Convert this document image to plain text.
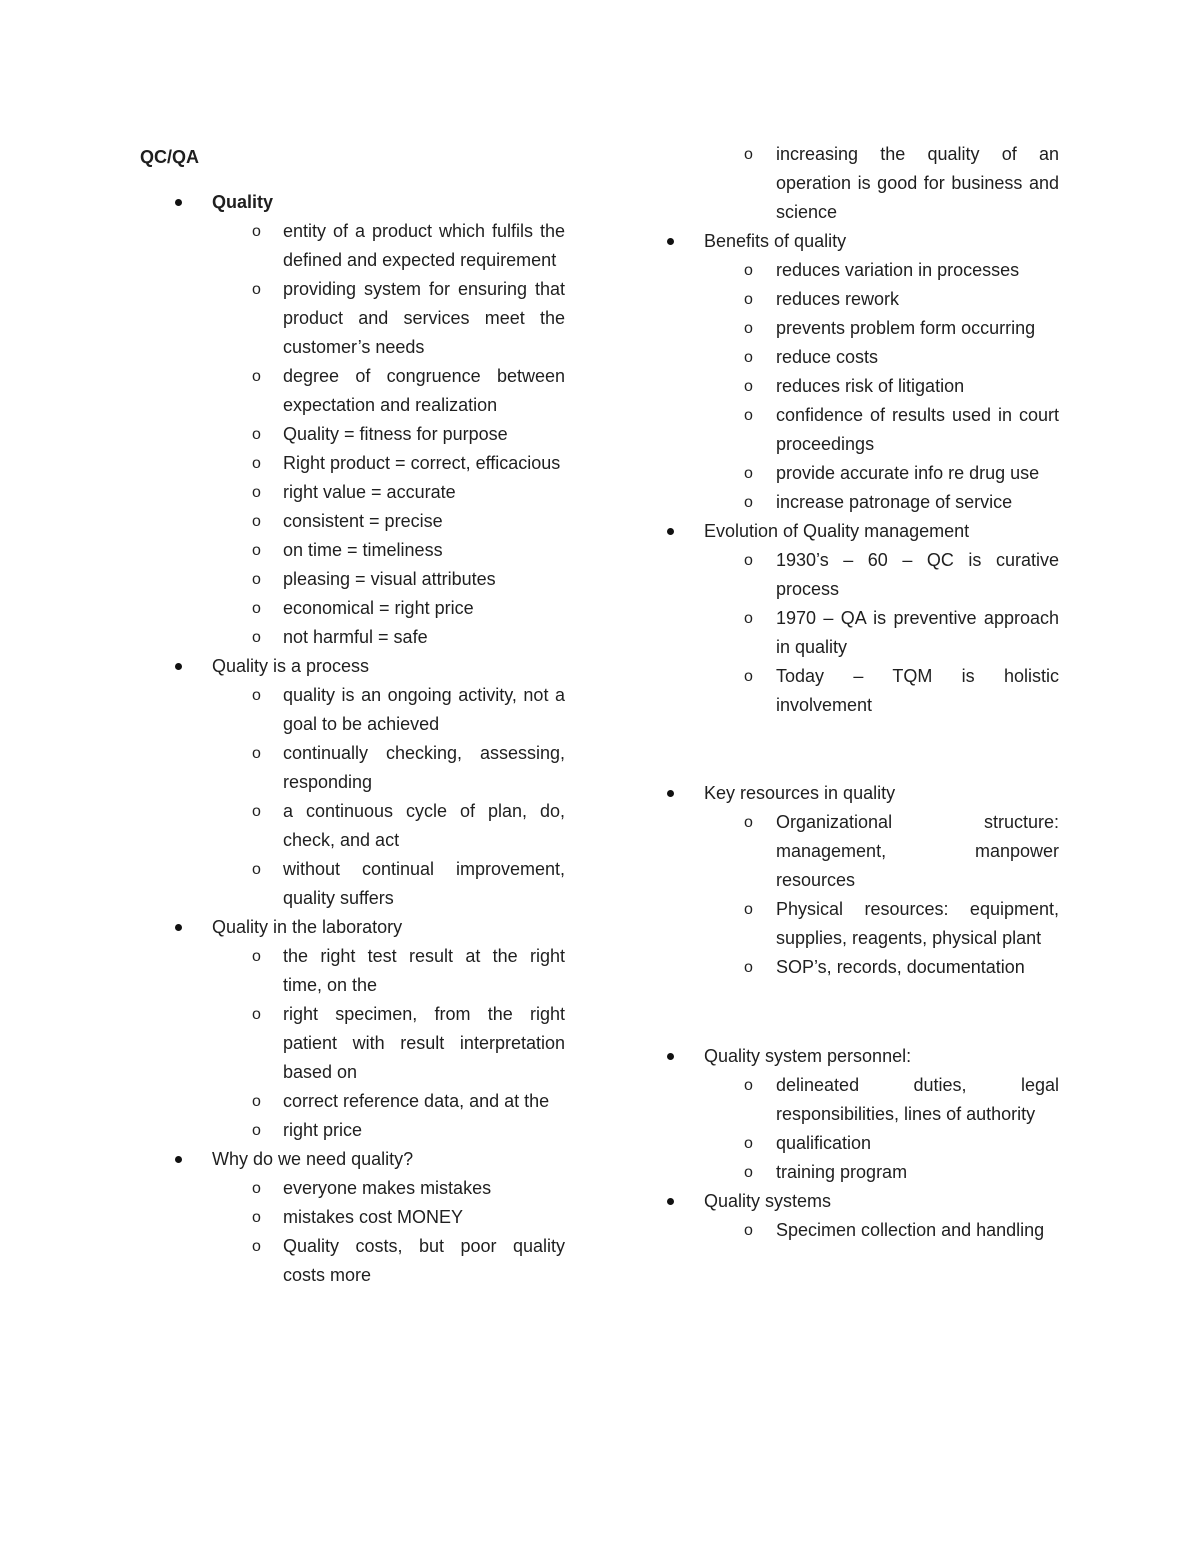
QC/QA
Quality
o entity of a product which fulfils the defined and expected requirement
o providing system for ensuring that product and services meet the customer’s needs
o degree of congruence between expectation and realization
o Quality = fitness for purpose
o Right product = correct, efficacious
o right value = accurate
o consistent = precise
o on time = timeliness
o pleasing = visual attributes
o economical = right price
o not harmful = safe
Quality is a process
o quality is an ongoing activity, not a goal to be achieved
o continually checking, assessing, responding
o a continuous cycle of plan, do, check, and act
o without continual improvement, quality suffers
Quality in the laboratory
o the right test result at the right time, on the
o right specimen, from the right patient with result interpretation based on
o correct reference data, and at the
o right price
Why do we need quality?
o everyone makes mistakes
o mistakes cost MONEY
o Quality costs, but poor quality costs more
o increasing the quality of an operation is good for business and science
Benefits of quality
o reduces variation in processes
o reduces rework
o prevents problem form occurring
o reduce costs
o reduces risk of litigation
o confidence of results used in court proceedings
o provide accurate info re drug use
o increase patronage of service
Evolution of Quality management
o 1930’s – 60 – QC is curative process
o 1970 – QA is preventive approach in quality
o Today – TQM is holistic involvement
Key resources in quality
o Organizational structure: management, manpower resources
o Physical resources: equipment, supplies, reagents, physical plant
o SOP’s, records, documentation
Quality system personnel:
o delineated duties, legal responsibilities, lines of authority
o qualification
o training program
Quality systems
o Specimen collection and handling
